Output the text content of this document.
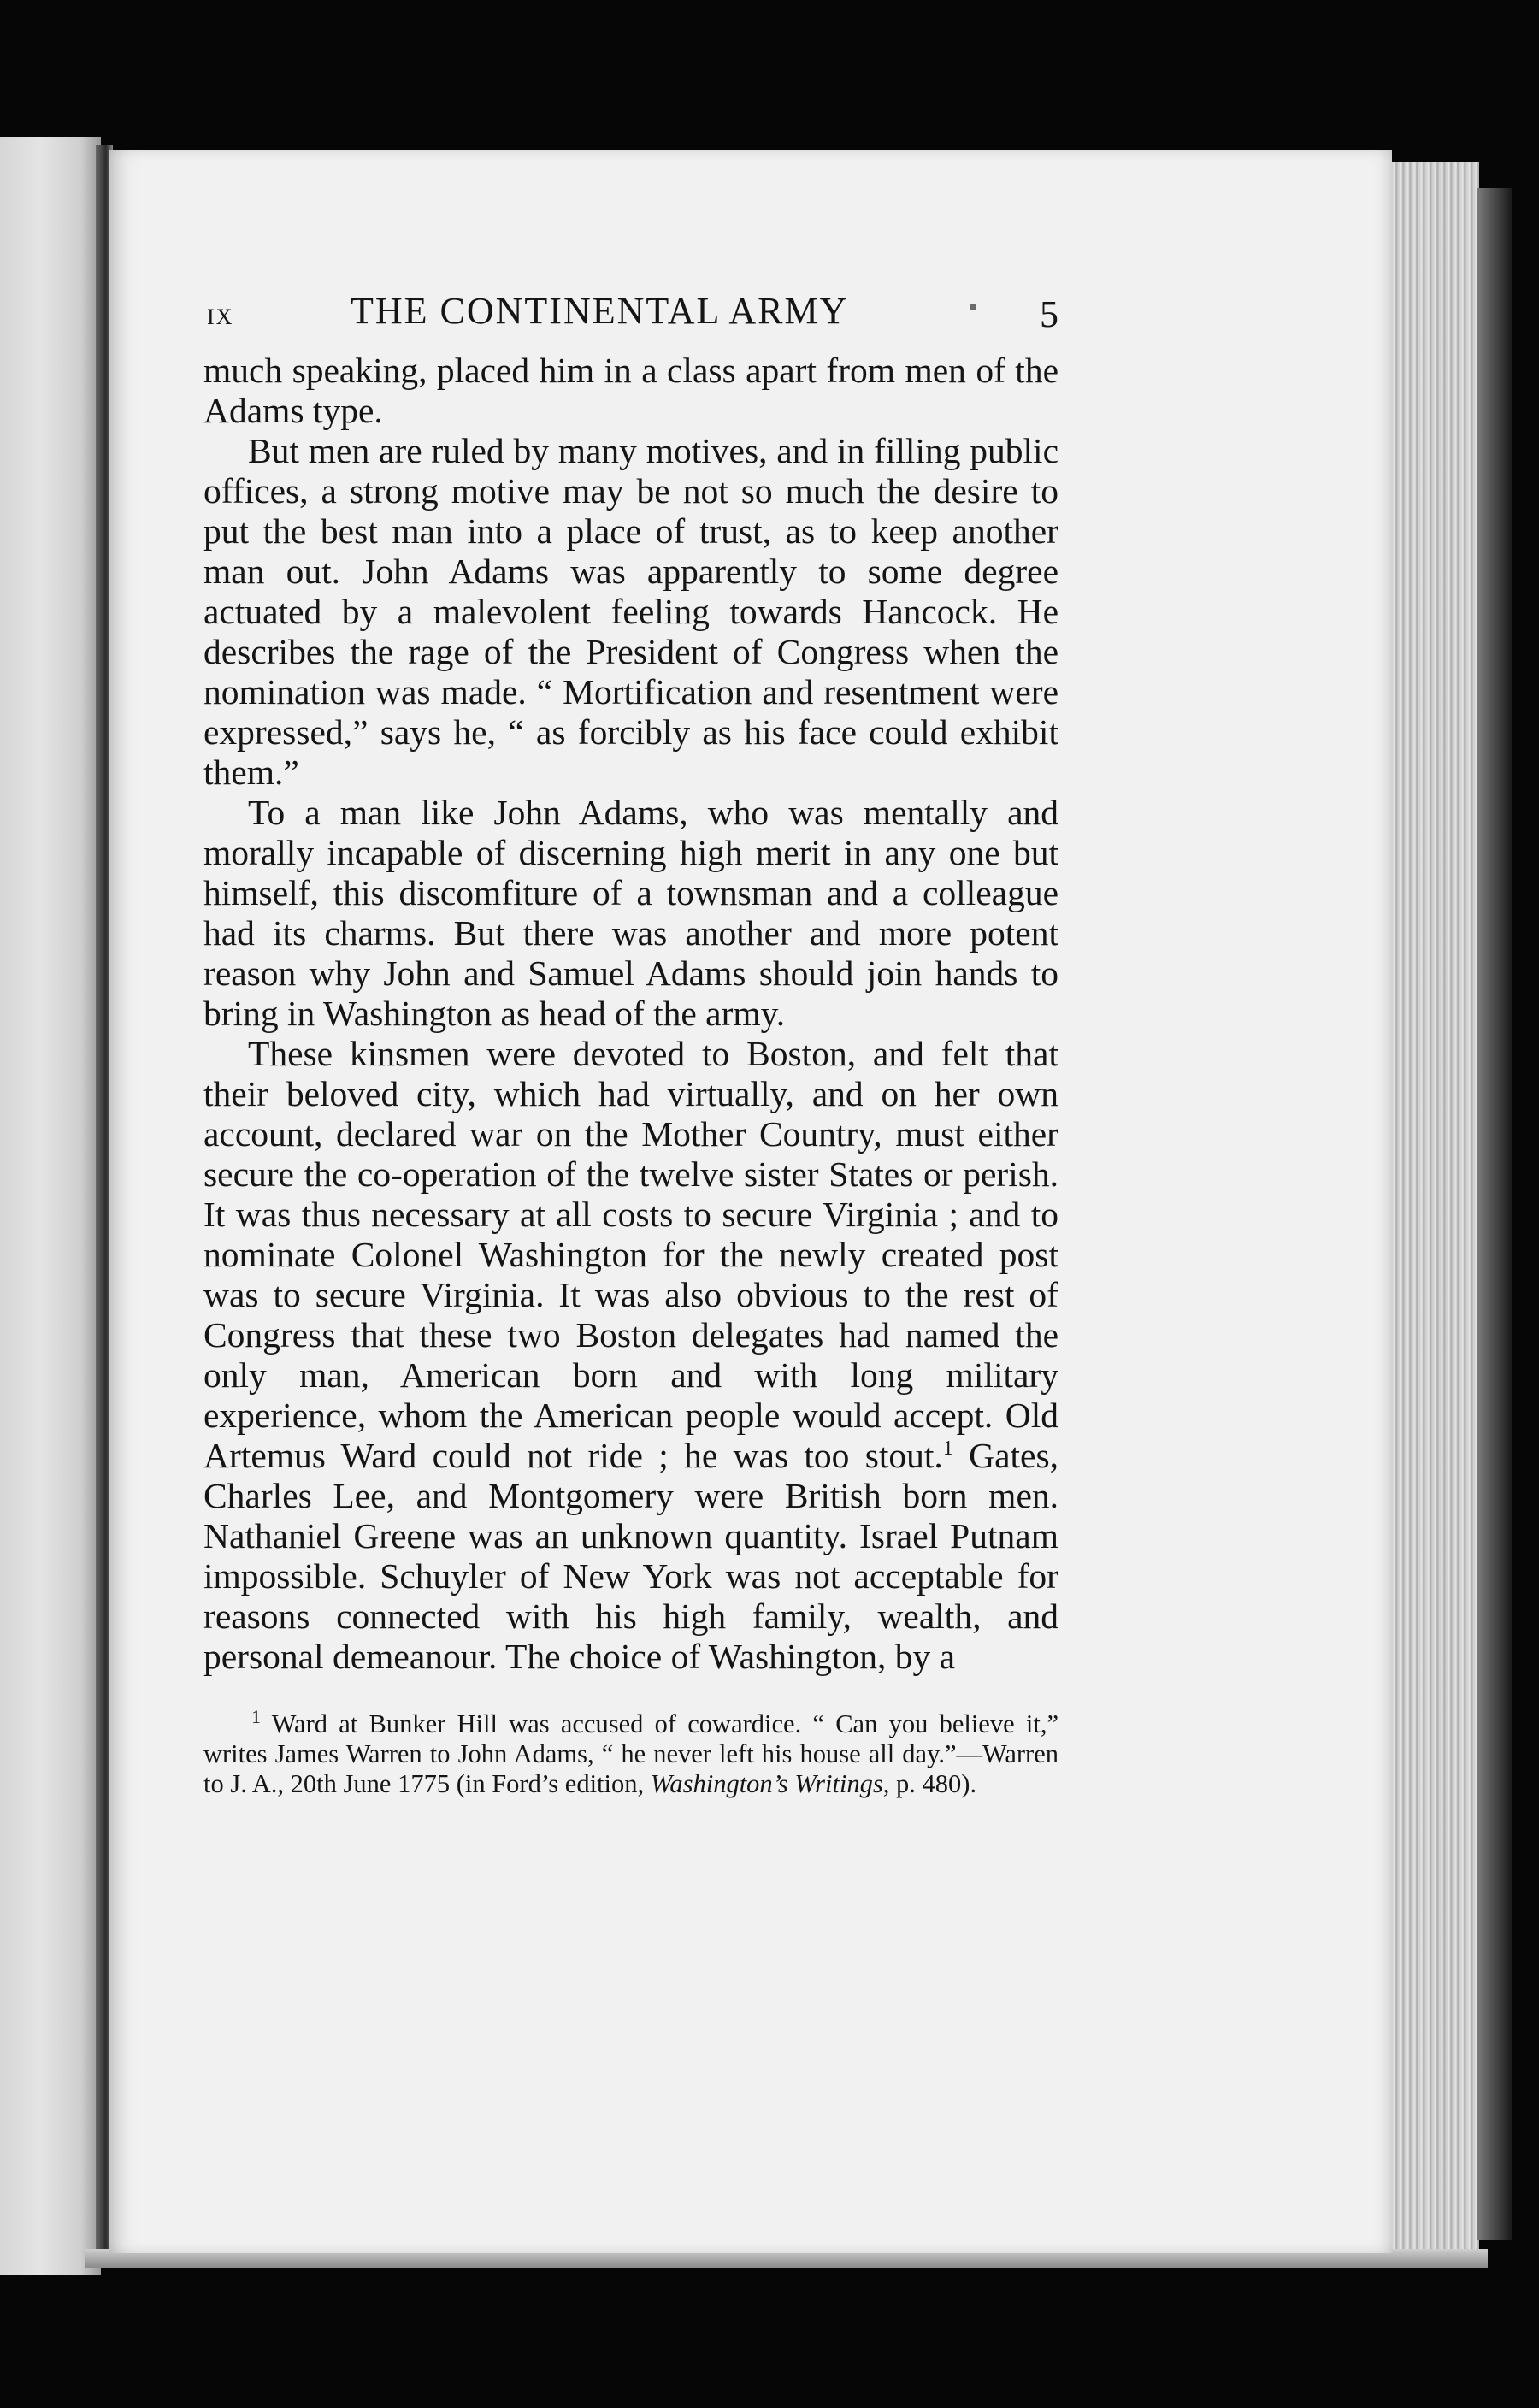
IX	THE CONTINENTAL ARMY	5

much speaking, placed him in a class apart from men of the Adams type.

But men are ruled by many motives, and in filling public offices, a strong motive may be not so much the desire to put the best man into a place of trust, as to keep another man out. John Adams was apparently to some degree actuated by a malevolent feeling towards Hancock. He describes the rage of the President of Congress when the nomination was made. “ Mortification and resentment were expressed,” says he, “ as forcibly as his face could exhibit them.”

To a man like John Adams, who was mentally and morally incapable of discerning high merit in any one but himself, this discomfiture of a townsman and a colleague had its charms. But there was another and more potent reason why John and Samuel Adams should join hands to bring in Washington as head of the army.

These kinsmen were devoted to Boston, and felt that their beloved city, which had virtually, and on her own account, declared war on the Mother Country, must either secure the co-operation of the twelve sister States or perish. It was thus necessary at all costs to secure Virginia ; and to nominate Colonel Washington for the newly created post was to secure Virginia. It was also obvious to the rest of Congress that these two Boston delegates had named the only man, American born and with long military experience, whom the American people would accept. Old Artemus Ward could not ride ; he was too stout.$^1$ Gates, Charles Lee, and Montgomery were British born men. Nathaniel Greene was an unknown quantity. Israel Putnam impossible. Schuyler of New York was not acceptable for reasons connected with his high family, wealth, and personal demeanour. The choice of Washington, by a

$^1$ Ward at Bunker Hill was accused of cowardice. “ Can you believe it,” writes James Warren to John Adams, “ he never left his house all day.”—Warren to J. A., 20th June 1775 (in Ford’s edition, Washington’s Writings, p. 480).
